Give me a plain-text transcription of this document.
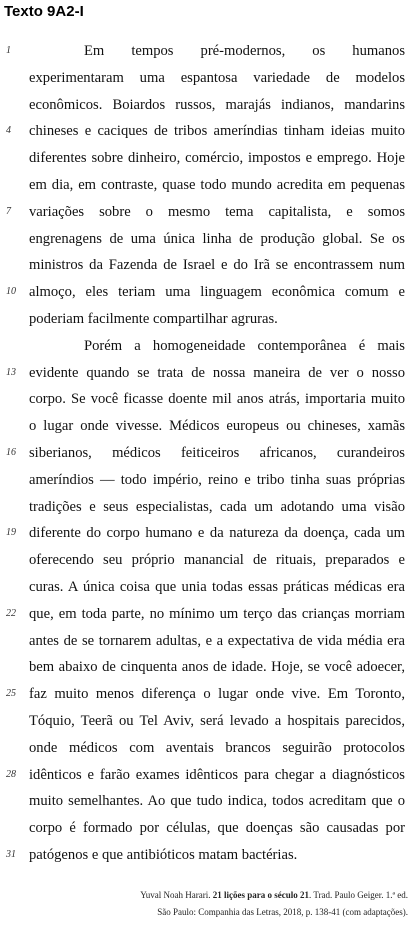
Texto 9A2-I
1	Em tempos pré-modernos, os humanos
experimentaram uma espantosa variedade de modelos
econômicos. Boiardos russos, marajás indianos, mandarins
4	chineses e caciques de tribos ameríndias tinham ideias muito
diferentes sobre dinheiro, comércio, impostos e emprego. Hoje
em dia, em contraste, quase todo mundo acredita em pequenas
7	variações sobre o mesmo tema capitalista, e somos
engrenagens de uma única linha de produção global. Se os
ministros da Fazenda de Israel e do Irã se encontrassem num
10 almoço, eles teriam uma linguagem econômica comum e
poderiam facilmente compartilhar agruras.
Porém a homogeneidade contemporânea é mais
13 evidente quando se trata de nossa maneira de ver o nosso
corpo. Se você ficasse doente mil anos atrás, importaria muito
o lugar onde vivesse. Médicos europeus ou chineses, xamãs
16 siberianos, médicos feiticeiros africanos, curandeiros
ameríndios — todo império, reino e tribo tinha suas próprias
tradições e seus especialistas, cada um adotando uma visão
19 diferente do corpo humano e da natureza da doença, cada um
oferecendo seu próprio manancial de rituais, preparados e
curas. A única coisa que unia todas essas práticas médicas era
22 que, em toda parte, no mínimo um terço das crianças morriam
antes de se tornarem adultas, e a expectativa de vida média era
bem abaixo de cinquenta anos de idade. Hoje, se você adoecer,
25 faz muito menos diferença o lugar onde vive. Em Toronto,
Tóquio, Teerã ou Tel Aviv, será levado a hospitais parecidos,
onde médicos com aventais brancos seguirão protocolos
28 idênticos e farão exames idênticos para chegar a diagnósticos
muito semelhantes. Ao que tudo indica, todos acreditam que o
corpo é formado por células, que doenças são causadas por
31 patógenos e que antibióticos matam bactérias.
Yuval Noah Harari. 21 lições para o século 21. Trad. Paulo Geiger. 1.ª ed.
São Paulo: Companhia das Letras, 2018, p. 138-41 (com adaptações).
